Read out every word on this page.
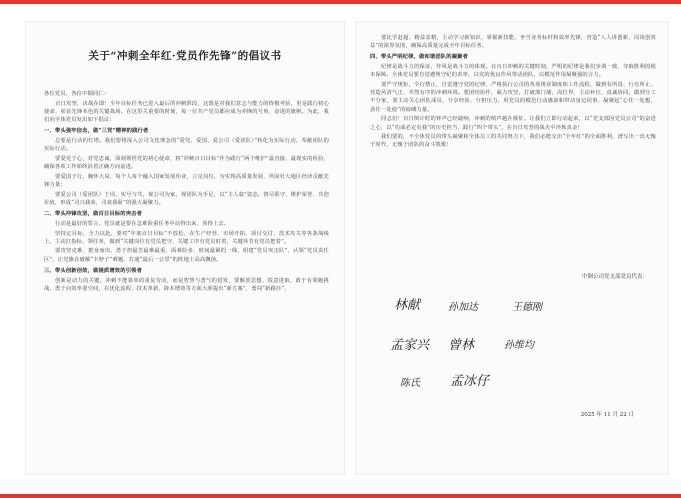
关于“冲刺全年红·党员作先锋”的倡议书
各位党员、各位中铜同仁：
百日攻坚，决战在即！全年目标任务已进入最后的冲刺阶段，这既是对我们意志与能力的终极考验，更是践行初心使命、彰显先锋本色的关键战场。在这里关重要的时刻，每一位共产党员都应成为冲锋的号角、奋进的旗帜。为此，我们向全体党员发出如下倡议：
一、带头强牢信念，做“三党”精神的践行者
总要是行动的灯塔。我们要将深入公司文化理念的“爱党、爱国、爱公司（爱团队）”转化为实际行动，奉献团队的实际行动。
要爱党于心，对党忠诚，深刻领悟党的初心使命，将“冲刺百日目标”作为践行“两个维护”最直接、最现实的检验，确保各项工作始终沿着正确方向前进。
要爱国于行，胸怀大局，每个人每个融入国家发展伟业，立足岗位，为实现高质量发展、巩固壮大地区经济贡献先锋力量；
要爱公司（爱团队）于岗，实号与共，视公司为家，视团队为手足，以“主人翁”姿态，恪尽职守、维护荣誉、共创价值，形成“司兴我荣，司衰我耻”的强大凝聚力。
二、带头冲锋攻坚，做百日目标的突击者
行动是最好的誓言，党员就是要在急难险重任务中站得出来、顶得上去。
坚持定目标，全力以赴，要对“年度百日目标”不放松，在生产经营、市场开拓、项目交付、技术攻关等各条战线上，主动扛指标、领任务，做到“关键岗位有党员把守，关键工序有党员盯着，关键环节有党员把着”。
要攻坚克难，挺身而出，勇于担最苦最难最重，面难险多、时间最紧的一线，组建“党员突击队”，认领“党员责任区”，让党旗在破解“卡脖子”难题、打通“最后一公里”的阵地上高高飘扬。
三、带头创新创效，做提质增效的引领者
创新是动力的关键，冲刺不能靠单的重复劳动，而是智慧与勇气的进发，要解放思想、锐意进取，敢于有领跑挑战，勇于向效率要空间，在优化流程、技术革新、降本增效等方面大胆提出“新方案”，勇闯“新路径”，
要比学赶超、精益求精，主动学习新知识、掌握新技能，争当业务标杆和效率先锋，营造“人人讲创新、岗岗创效益”的浓厚氛围，确保高质量完成全年目标任务。
四、带头严明纪律，做和谐团队的凝聚者
纪律是战斗力的保证，作风是战斗力的体现。在百日冲刺的关键时刻，严明的纪律是我们步调一致、夺取胜利的根本保障。全体党员要自觉遵规守纪的表率，以党的优良作风带动团队，以模范作用凝聚强的合力。
要严守规矩，令行禁止，自觉遵守党的纪律，严格执行公司的各项规章制度和工作流程，做到有所畏、行有所止，营造风清气正、井然有序的冲刺环境。要团结协作，凝力攻坚，打破部门墙，岗位界，主动补位、真诚协同，做到分工不分家，要主动关心团队成员，分享经验、分担压力，用党员的模范行动感染和带动身边同事，凝聚起“心往一处想，劲往一处使”的磅礴力量。
同志们！百日倒计时的钟声已经敲响，冲刺的哨声越在催征。让我们立即行动起来，以“党支部因党员公司”的奋进之心，以“功成必定有我”的历史担当，践行“四个带头”，在百日攻坚的战火中淬炼真金！
我们要的，不全体党员的带头凝聚和全体员工的共同努力下，我们必能交出“全年红”的全面胜利，谱写出一出无愧于时代、无愧于团队的奋斗凯歌！
中铜公司党支部党员代表：
林献	孙加达	王德刚
孟家兴 曾林	孙维均
陈氏 孟冰仔
2025 年 11 月 22 日
